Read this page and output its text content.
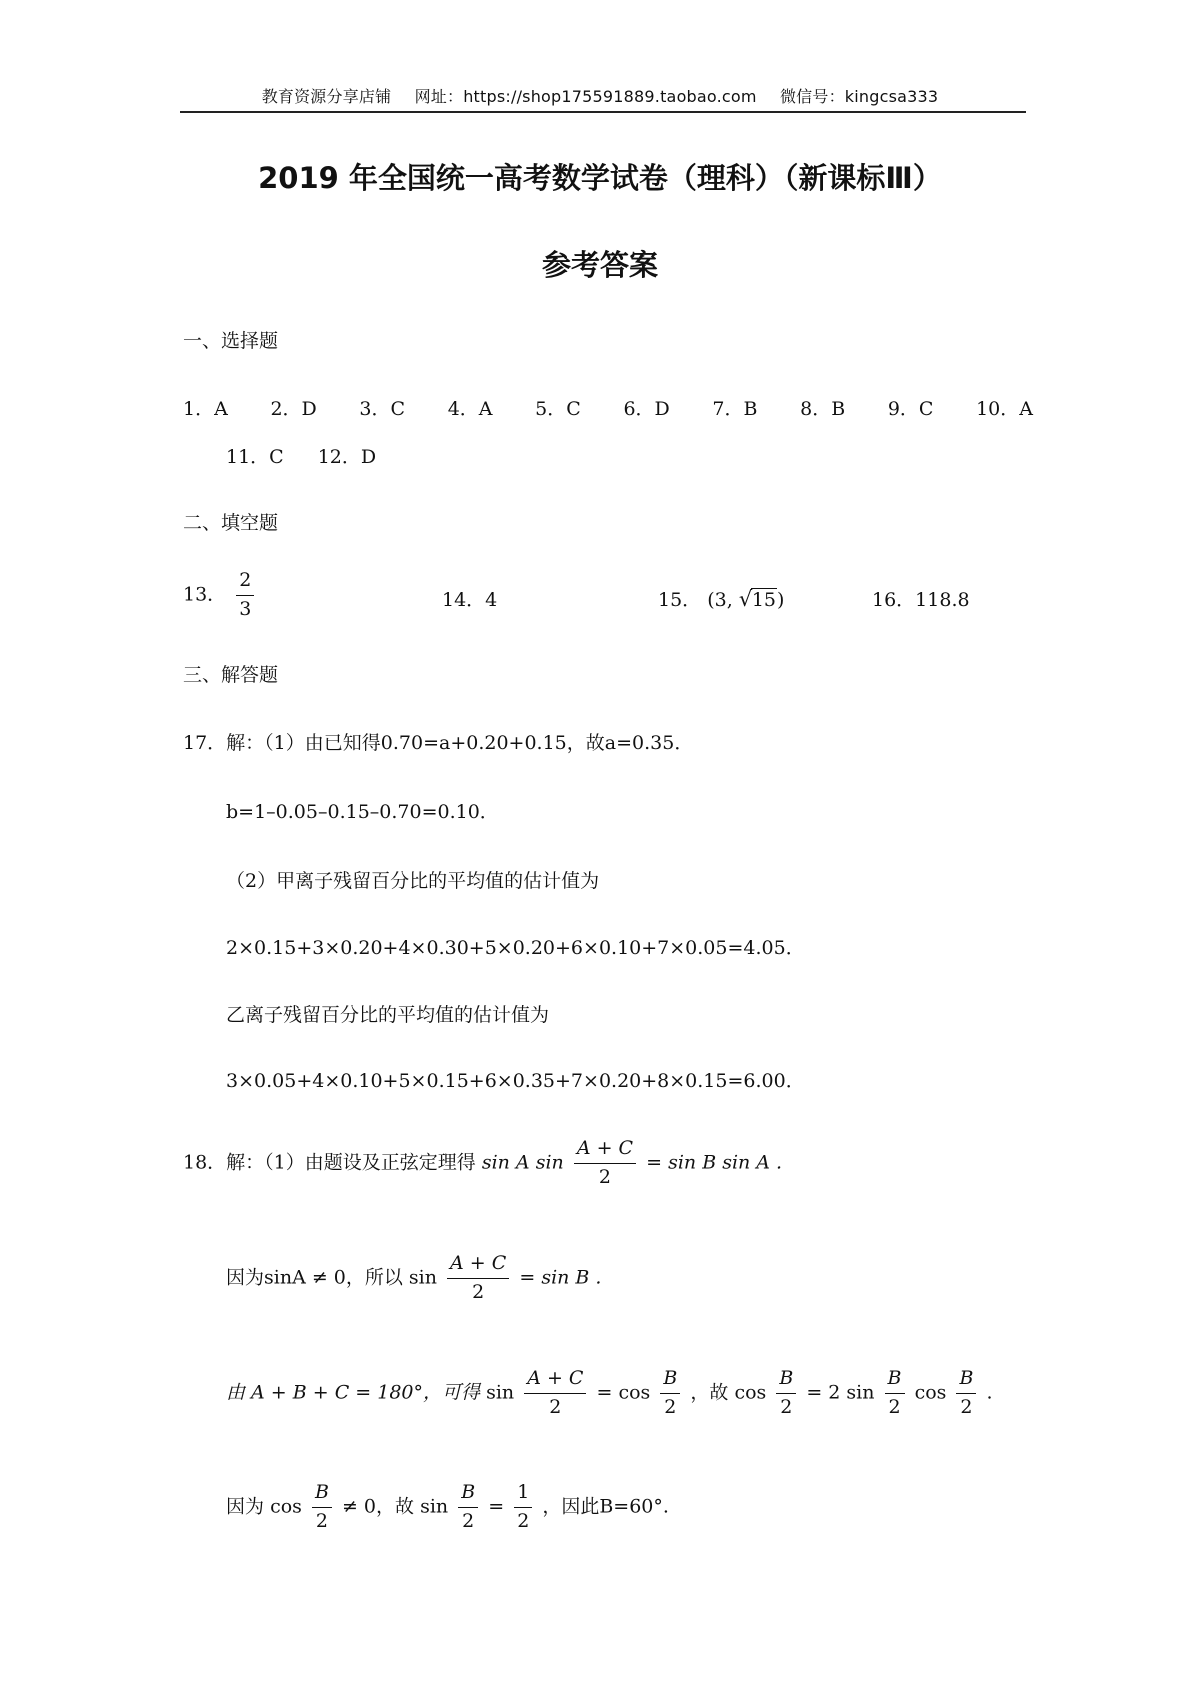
教育资源分享店铺 网址：https://shop175591889.taobao.com 微信号：kingcsa333
2019 年全国统一高考数学试卷（理科）（新课标Ⅲ）
参考答案
一、选择题
1．A 2．D 3．C 4．A 5．C 6．D 7．B 8．B 9．C 10．A
11．C 12．D
二、填空题
13． $\frac{2}{3}$	14．4	15． (3, √ 15)	16．118.8
三、解答题
17．解：（1）由已知得0.70=a+0.20+0.15，故a=0.35．
b=1–0.05–0.15–0.70=0.10．
（2）甲离子残留百分比的平均值的估计值为
2×0.15+3×0.20+4×0.30+5×0.20+6×0.10+7×0.05=4.05．
乙离子残留百分比的平均值的估计值为
3×0.05+4×0.10+5×0.15+6×0.35+7×0.20+8×0.15=6.00．
18．解：（1）由题设及正弦定理得 sin A $\sin \frac{A + C}{2} = \sin B$ sin A .
因为sinA ≠ 0，所以 $\sin \frac{A + C}{2} = \sin B$ .
由 A + B + C = 180°，可得 $\sin \frac{A + C}{2} = \cos \frac{B}{2}$ ，故 $\cos \frac{B}{2} = 2$ $\sin \frac{B}{2}$ $\cos \frac{B}{2}$ .
因为 $\cos \frac{B}{2} \ne 0$，故 $\sin \frac{B}{2} = \frac{1}{2}$ ，因此B=60°.
